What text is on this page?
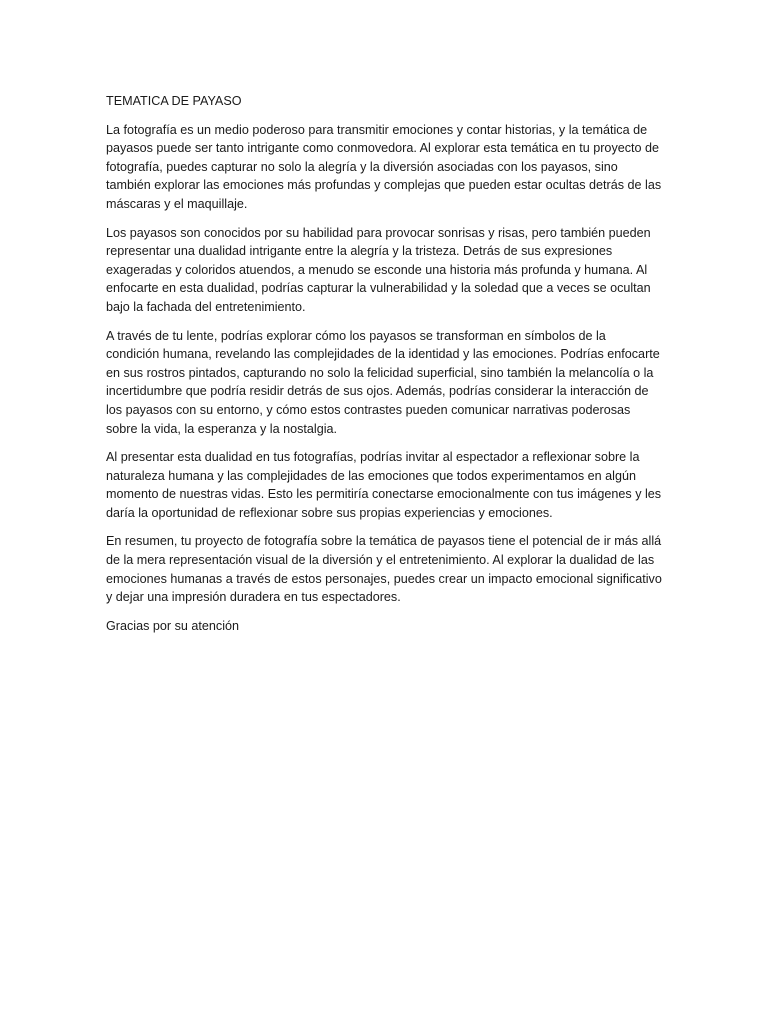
TEMATICA DE PAYASO

La fotografía es un medio poderoso para transmitir emociones y contar historias, y la temática de payasos puede ser tanto intrigante como conmovedora. Al explorar esta temática en tu proyecto de fotografía, puedes capturar no solo la alegría y la diversión asociadas con los payasos, sino también explorar las emociones más profundas y complejas que pueden estar ocultas detrás de las máscaras y el maquillaje.

Los payasos son conocidos por su habilidad para provocar sonrisas y risas, pero también pueden representar una dualidad intrigante entre la alegría y la tristeza. Detrás de sus expresiones exageradas y coloridos atuendos, a menudo se esconde una historia más profunda y humana. Al enfocarte en esta dualidad, podrías capturar la vulnerabilidad y la soledad que a veces se ocultan bajo la fachada del entretenimiento.

A través de tu lente, podrías explorar cómo los payasos se transforman en símbolos de la condición humana, revelando las complejidades de la identidad y las emociones. Podrías enfocarte en sus rostros pintados, capturando no solo la felicidad superficial, sino también la melancolía o la incertidumbre que podría residir detrás de sus ojos. Además, podrías considerar la interacción de los payasos con su entorno, y cómo estos contrastes pueden comunicar narrativas poderosas sobre la vida, la esperanza y la nostalgia.

Al presentar esta dualidad en tus fotografías, podrías invitar al espectador a reflexionar sobre la naturaleza humana y las complejidades de las emociones que todos experimentamos en algún momento de nuestras vidas. Esto les permitiría conectarse emocionalmente con tus imágenes y les daría la oportunidad de reflexionar sobre sus propias experiencias y emociones.

En resumen, tu proyecto de fotografía sobre la temática de payasos tiene el potencial de ir más allá de la mera representación visual de la diversión y el entretenimiento. Al explorar la dualidad de las emociones humanas a través de estos personajes, puedes crear un impacto emocional significativo y dejar una impresión duradera en tus espectadores.

Gracias por su atención
